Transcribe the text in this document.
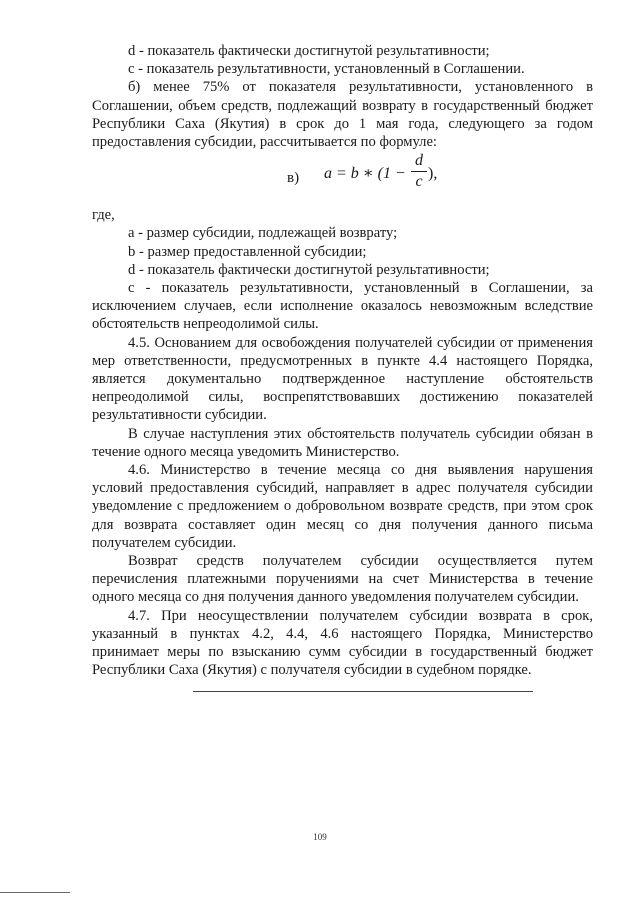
d - показатель фактически достигнутой результативности;

c - показатель результативности, установленный в Соглашении.

б) менее 75% от показателя результативности, установленного в Соглашении, объем средств, подлежащий возврату в государственный бюджет Республики Саха (Якутия) в срок до 1 мая года, следующего за годом предоставления субсидии, рассчитывается по формуле:

в) a = b ∗ (1 −
d
c ),

где,

a - размер субсидии, подлежащей возврату;

b - размер предоставленной субсидии;

d - показатель фактически достигнутой результативности;

c - показатель результативности, установленный в Соглашении, за исключением случаев, если исполнение оказалось невозможным вследствие обстоятельств непреодолимой силы.

4.5. Основанием для освобождения получателей субсидии от применения мер ответственности, предусмотренных в пункте 4.4 настоящего Порядка, является документально подтвержденное наступление обстоятельств непреодолимой силы, воспрепятствовавших достижению показателей результативности субсидии.

В случае наступления этих обстоятельств получатель субсидии обязан в течение одного месяца уведомить Министерство.

4.6. Министерство в течение месяца со дня выявления нарушения условий предоставления субсидий, направляет в адрес получателя субсидии уведомление с предложением о добровольном возврате средств, при этом срок для возврата составляет один месяц со дня получения данного письма получателем субсидии.

Возврат средств получателем субсидии осуществляется путем перечисления платежными поручениями на счет Министерства в течение одного месяца со дня получения данного уведомления получателем субсидии.

4.7. При неосуществлении получателем субсидии возврата в срок, указанный в пунктах 4.2, 4.4, 4.6 настоящего Порядка, Министерство принимает меры по взысканию сумм субсидии в государственный бюджет Республики Саха (Якутия) с получателя субсидии в судебном порядке.

109
